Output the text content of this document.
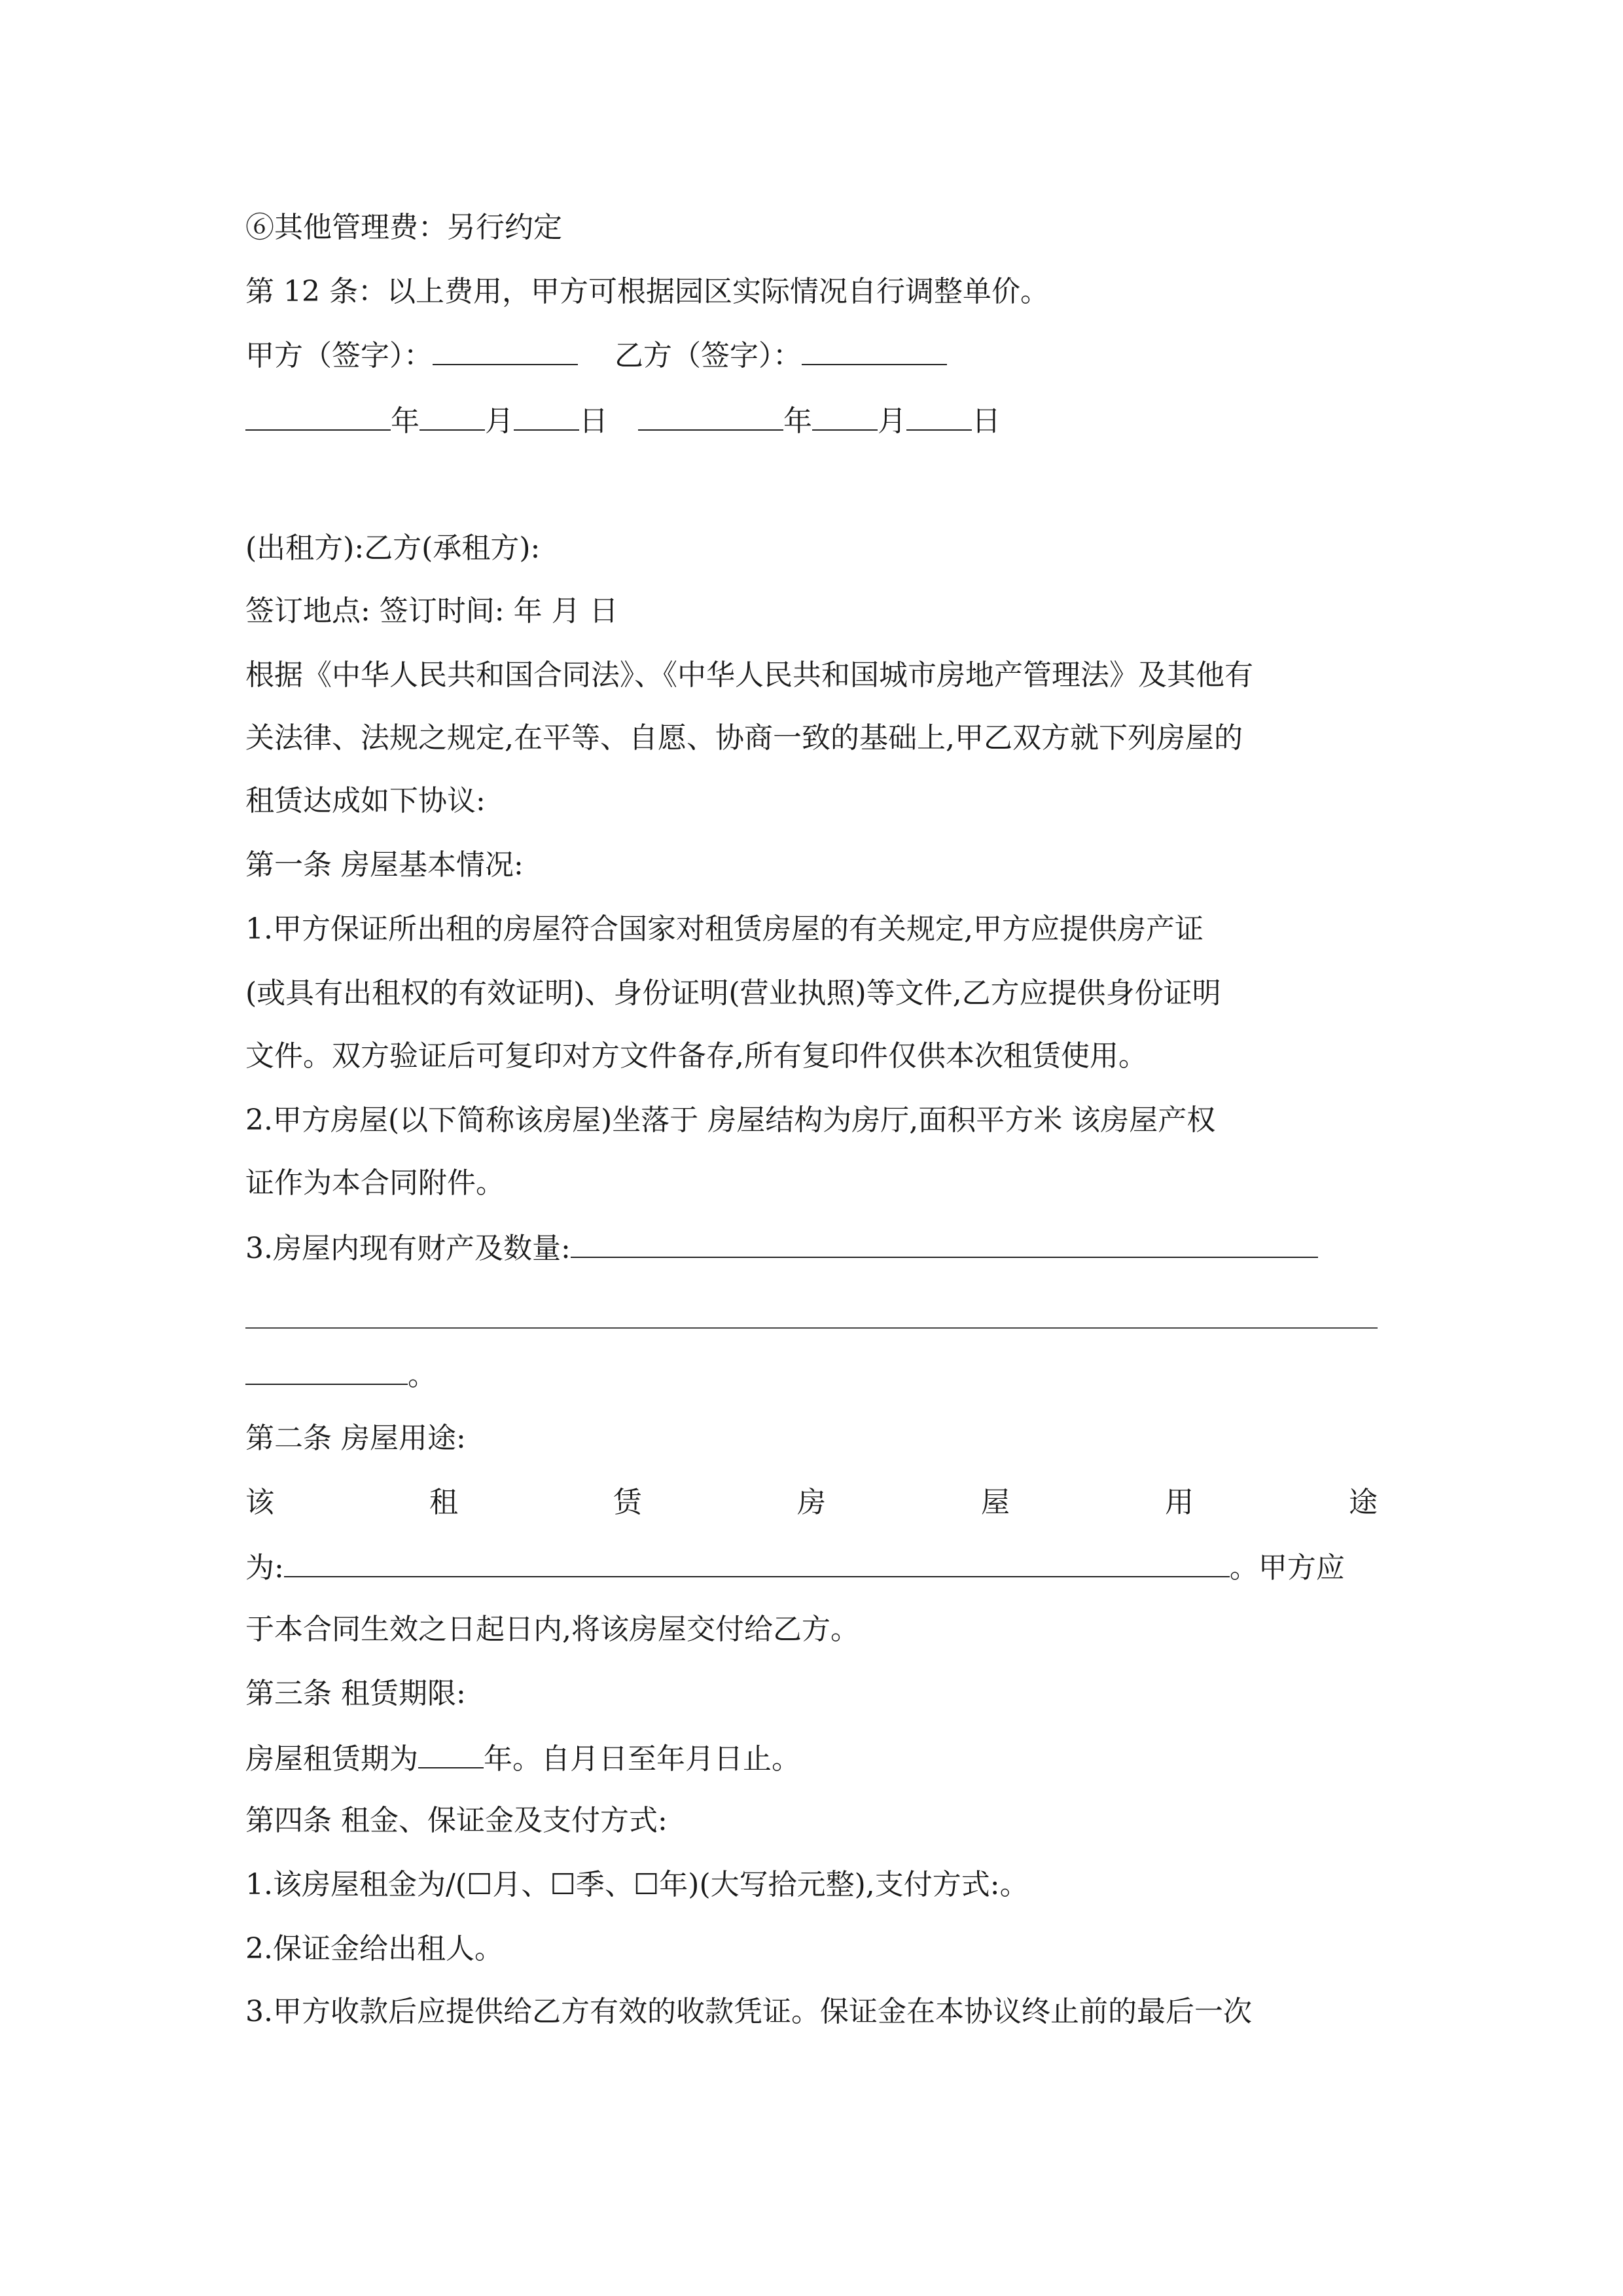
⑥其他管理费：另行约定
第 12 条：以上费用，甲方可根据园区实际情况自行调整单价。
甲方（签字）：	乙方（签字）：
年 月 日	年 月 日
(出租方):乙方(承租方):
签订地点: 签订时间: 年 月 日
根据《中华人民共和国合同法》、《中华人民共和国城市房地产管理法》及其他有
关法律、法规之规定,在平等、自愿、协商一致的基础上,甲乙双方就下列房屋的
租赁达成如下协议:
第一条 房屋基本情况:
1.甲方保证所出租的房屋符合国家对租赁房屋的有关规定,甲方应提供房产证
(或具有出租权的有效证明)、身份证明(营业执照)等文件,乙方应提供身份证明
文件。双方验证后可复印对方文件备存,所有复印件仅供本次租赁使用。
2.甲方房屋(以下简称该房屋)坐落于 房屋结构为房厅,面积平方米 该房屋产权
证作为本合同附件。
3.房屋内现有财产及数量:
。
第二条 房屋用途:
该	租	赁	房	屋	用	途
为:	。甲方应
于本合同生效之日起日内,将该房屋交付给乙方。
第三条 租赁期限:
房屋租赁期为 年。自月日至年月日止。
第四条 租金、保证金及支付方式:
1.该房屋租金为/(☐月、☐季、☐年)(大写拾元整),支付方式:。
2.保证金给出租人。
3.甲方收款后应提供给乙方有效的收款凭证。保证金在本协议终止前的最后一次
